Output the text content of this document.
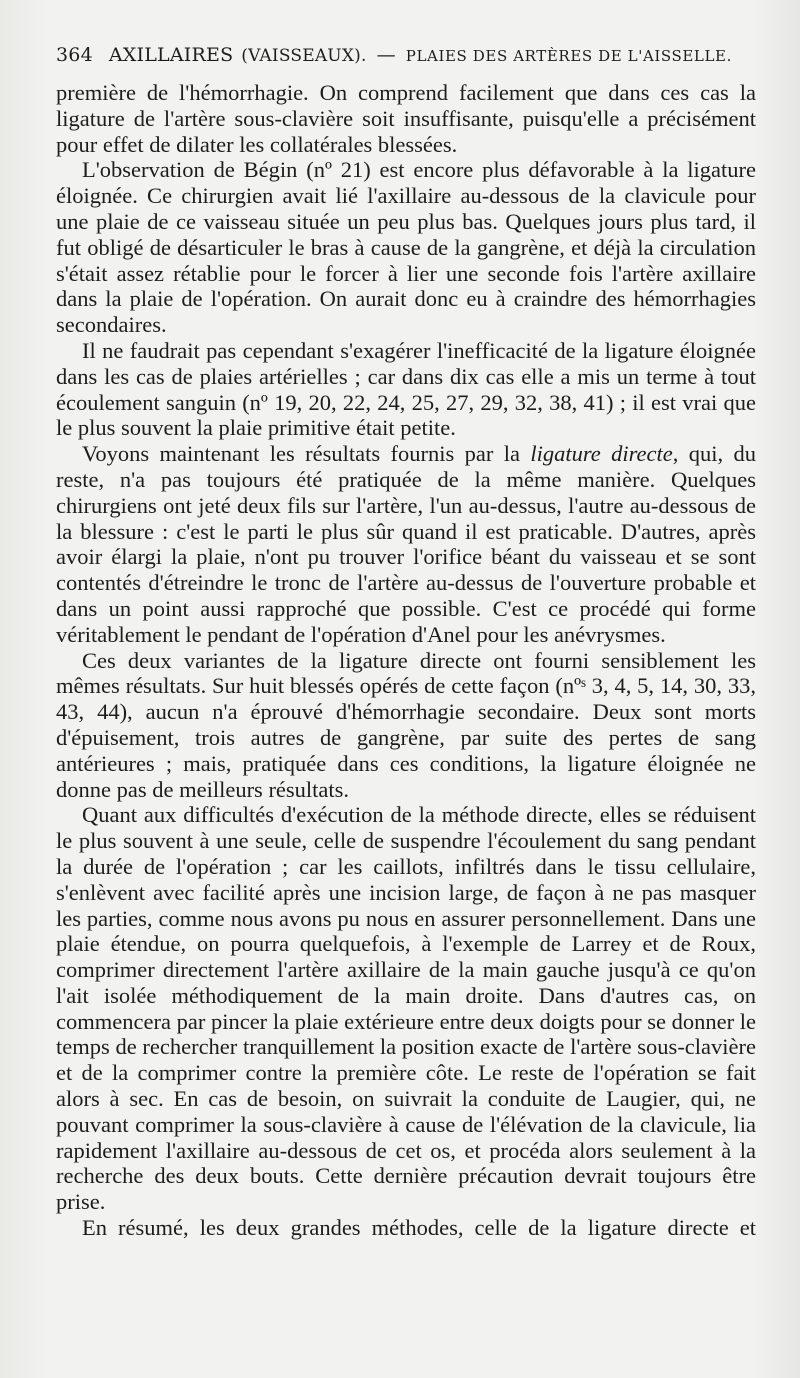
364 AXILLAIRES (VAISSEAUX). — PLAIES DES ARTÈRES DE L'AISSELLE.

première de l'hémorrhagie. On comprend facilement que dans ces cas la ligature de l'artère sous-clavière soit insuffisante, puisqu'elle a précisément pour effet de dilater les collatérales blessées.

L'observation de Bégin (nº 21) est encore plus défavorable à la ligature éloignée. Ce chirurgien avait lié l'axillaire au-dessous de la clavicule pour une plaie de ce vaisseau située un peu plus bas. Quelques jours plus tard, il fut obligé de désarticuler le bras à cause de la gangrène, et déjà la circulation s'était assez rétablie pour le forcer à lier une seconde fois l'artère axillaire dans la plaie de l'opération. On aurait donc eu à craindre des hémorrhagies secondaires.

Il ne faudrait pas cependant s'exagérer l'inefficacité de la ligature éloignée dans les cas de plaies artérielles ; car dans dix cas elle a mis un terme à tout écoulement sanguin (nº 19, 20, 22, 24, 25, 27, 29, 32, 38, 41) ; il est vrai que le plus souvent la plaie primitive était petite.

Voyons maintenant les résultats fournis par la ligature directe, qui, du reste, n'a pas toujours été pratiquée de la même manière. Quelques chirurgiens ont jeté deux fils sur l'artère, l'un au-dessus, l'autre au-dessous de la blessure : c'est le parti le plus sûr quand il est praticable. D'autres, après avoir élargi la plaie, n'ont pu trouver l'orifice béant du vaisseau et se sont contentés d'étreindre le tronc de l'artère au-dessus de l'ouverture probable et dans un point aussi rapproché que possible. C'est ce procédé qui forme véritablement le pendant de l'opération d'Anel pour les anévrysmes.

Ces deux variantes de la ligature directe ont fourni sensiblement les mêmes résultats. Sur huit blessés opérés de cette façon (nºˢ 3, 4, 5, 14, 30, 33, 43, 44), aucun n'a éprouvé d'hémorrhagie secondaire. Deux sont morts d'épuisement, trois autres de gangrène, par suite des pertes de sang antérieures ; mais, pratiquée dans ces conditions, la ligature éloignée ne donne pas de meilleurs résultats.

Quant aux difficultés d'exécution de la méthode directe, elles se réduisent le plus souvent à une seule, celle de suspendre l'écoulement du sang pendant la durée de l'opération ; car les caillots, infiltrés dans le tissu cellulaire, s'enlèvent avec facilité après une incision large, de façon à ne pas masquer les parties, comme nous avons pu nous en assurer personnellement. Dans une plaie étendue, on pourra quelquefois, à l'exemple de Larrey et de Roux, comprimer directement l'artère axillaire de la main gauche jusqu'à ce qu'on l'ait isolée méthodiquement de la main droite. Dans d'autres cas, on commencera par pincer la plaie extérieure entre deux doigts pour se donner le temps de rechercher tranquillement la position exacte de l'artère sous-clavière et de la comprimer contre la première côte. Le reste de l'opération se fait alors à sec. En cas de besoin, on suivrait la conduite de Laugier, qui, ne pouvant comprimer la sous-clavière à cause de l'élévation de la clavicule, lia rapidement l'axillaire au-dessous de cet os, et procéda alors seulement à la recherche des deux bouts. Cette dernière précaution devrait toujours être prise.

En résumé, les deux grandes méthodes, celle de la ligature directe et
